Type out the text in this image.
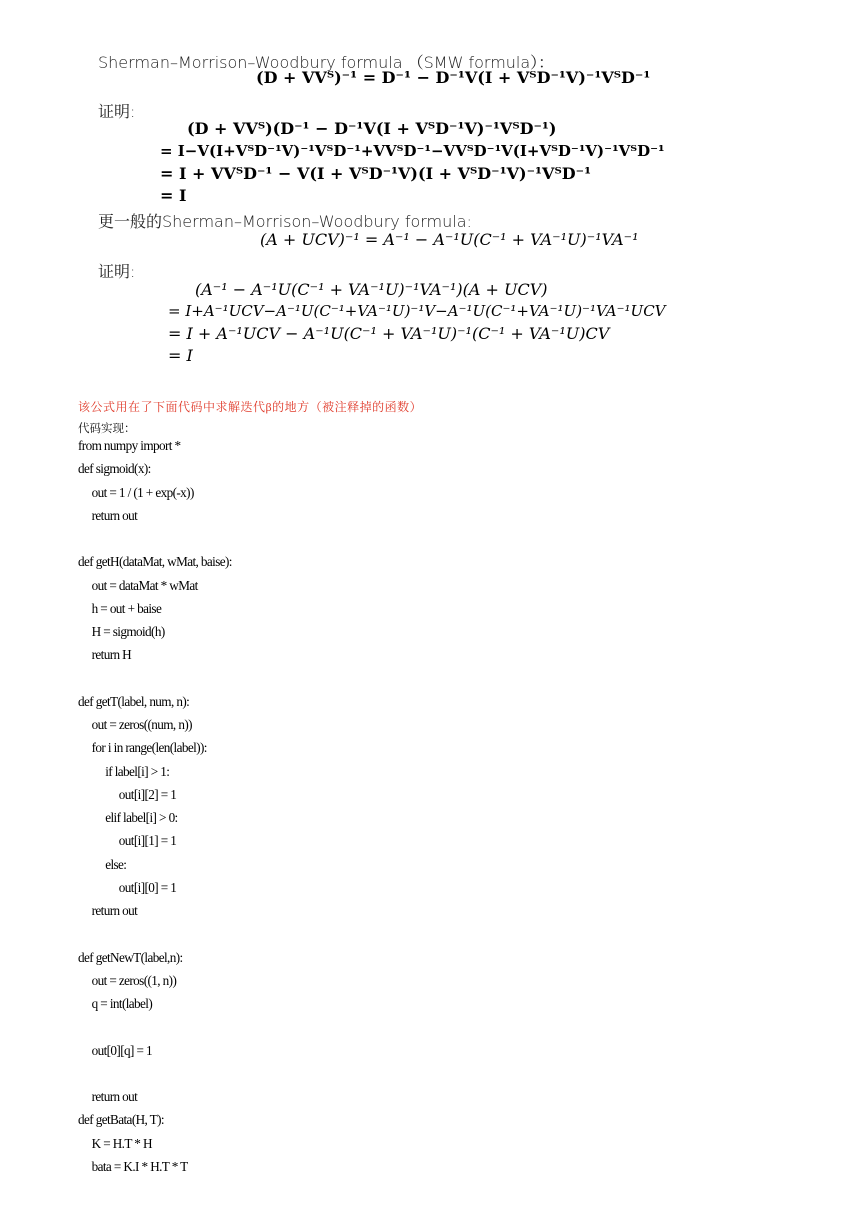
Sherman–Morrison–Woodbury formula （SMW formula）：
(D + VVᵀ)⁻¹ = D⁻¹ − D⁻¹V(I + VᵀD⁻¹V)⁻¹VᵀD⁻¹
证明:
(D + VVᵀ)(D⁻¹ − D⁻¹V(I + VᵀD⁻¹V)⁻¹VᵀD⁻¹)
= I−V(I+VᵀD⁻¹V)⁻¹VᵀD⁻¹+VVᵀD⁻¹−VVᵀD⁻¹V(I+VᵀD⁻¹V)⁻¹VᵀD⁻¹
= I + VVᵀD⁻¹ − V(I + VᵀD⁻¹V)(I + VᵀD⁻¹V)⁻¹VᵀD⁻¹
= I
更一般的Sherman–Morrison–Woodbury formula:
(A + UCV)⁻¹ = A⁻¹ − A⁻¹U(C⁻¹ + VA⁻¹U)⁻¹VA⁻¹
证明:
(A⁻¹ − A⁻¹U(C⁻¹ + VA⁻¹U)⁻¹VA⁻¹)(A + UCV)
= I+A⁻¹UCV−A⁻¹U(C⁻¹+VA⁻¹U)⁻¹V−A⁻¹U(C⁻¹+VA⁻¹U)⁻¹VA⁻¹UCV
= I + A⁻¹UCV − A⁻¹U(C⁻¹ + VA⁻¹U)⁻¹(C⁻¹ + VA⁻¹U)CV
= I
该公式用在了下面代码中求解迭代β的地方（被注释掉的函数）
代码实现：
from numpy import *
def sigmoid(x):
out = 1 / (1 + exp(-x))
return out
def getH(dataMat, wMat, baise):
out = dataMat * wMat
h = out + baise
H = sigmoid(h)
return H
def getT(label, num, n):
out = zeros((num, n))
for i in range(len(label)):
if label[i] > 1:
out[i][2] = 1
elif label[i] > 0:
out[i][1] = 1
else:
out[i][0] = 1
return out
def getNewT(label,n):
out = zeros((1, n))
q = int(label)
out[0][q] = 1
return out
def getBata(H, T):
K = H.T * H
bata = K.I * H.T * T
